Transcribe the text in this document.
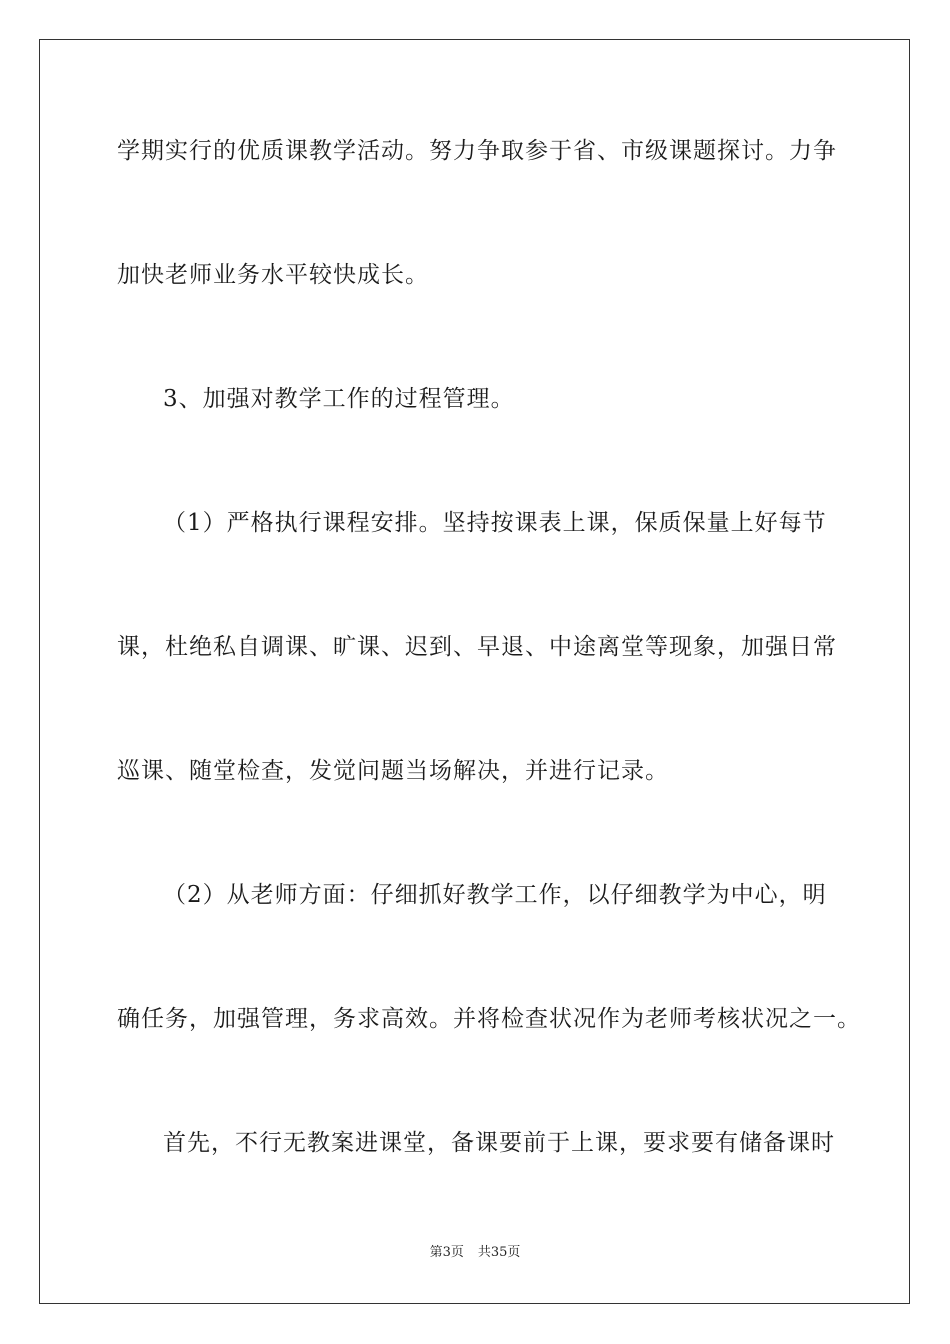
学期实行的优质课教学活动。努力争取参于省、市级课题探讨。力争
加快老师业务水平较快成长。
3、加强对教学工作的过程管理。
（1）严格执行课程安排。坚持按课表上课，保质保量上好每节
课，杜绝私自调课、旷课、迟到、早退、中途离堂等现象，加强日常
巡课、随堂检查，发觉问题当场解决，并进行记录。
（2）从老师方面：仔细抓好教学工作，以仔细教学为中心，明
确任务，加强管理，务求高效。并将检查状况作为老师考核状况之一。
首先，不行无教案进课堂，备课要前于上课，要求要有储备课时
第3页 共35页
